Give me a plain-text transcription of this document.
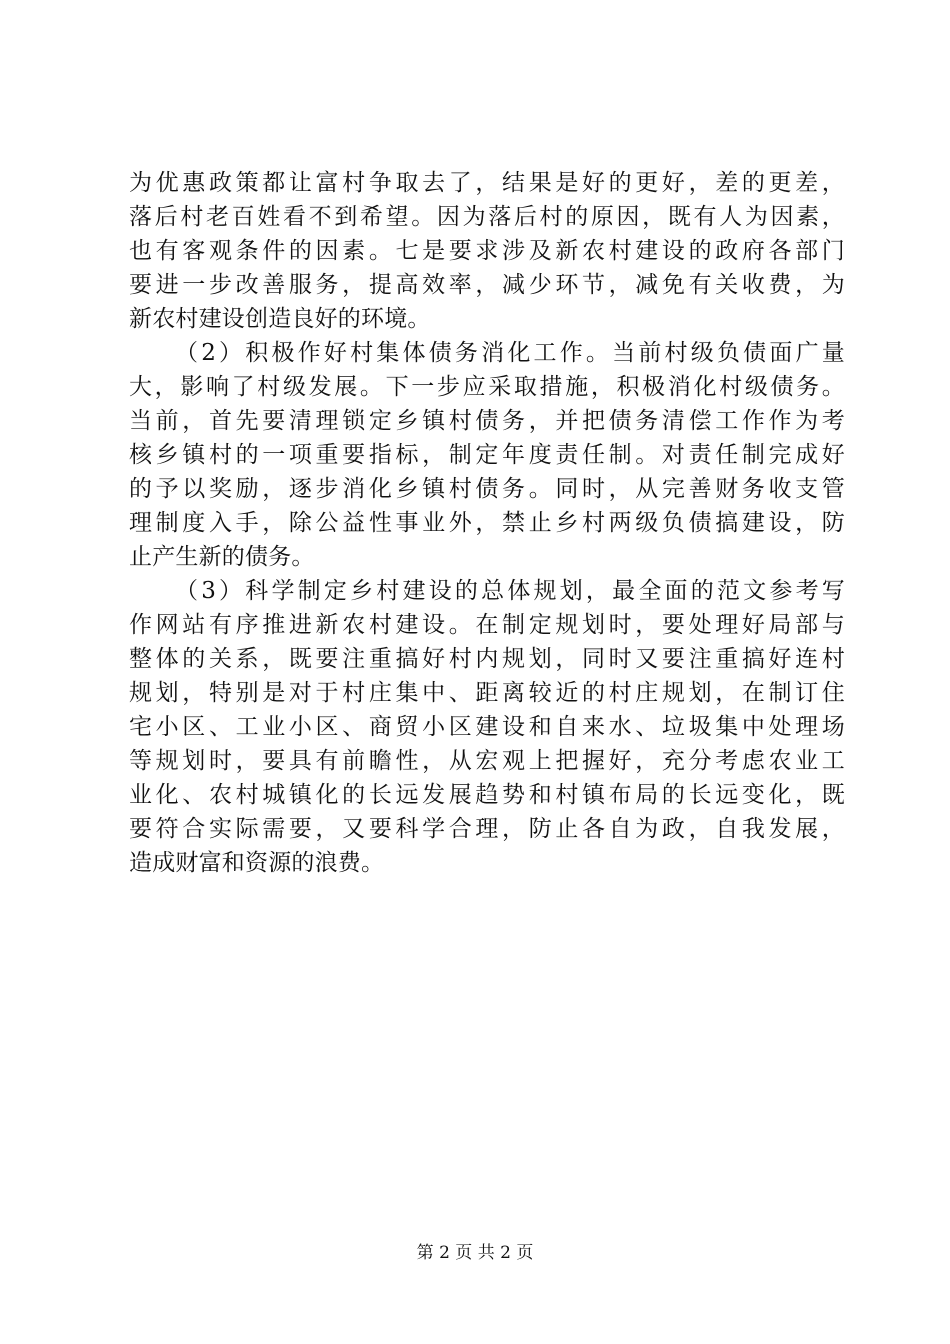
为优惠政策都让富村争取去了，结果是好的更好，差的更差，
落后村老百姓看不到希望。因为落后村的原因，既有人为因素，
也有客观条件的因素。七是要求涉及新农村建设的政府各部门
要进一步改善服务，提高效率，减少环节，减免有关收费，为
新农村建设创造良好的环境。
（2）积极作好村集体债务消化工作。当前村级负债面广量
大，影响了村级发展。下一步应采取措施，积极消化村级债务。
当前，首先要清理锁定乡镇村债务，并把债务清偿工作作为考
核乡镇村的一项重要指标，制定年度责任制。对责任制完成好
的予以奖励，逐步消化乡镇村债务。同时，从完善财务收支管
理制度入手，除公益性事业外，禁止乡村两级负债搞建设，防
止产生新的债务。
（3）科学制定乡村建设的总体规划，最全面的范文参考写
作网站有序推进新农村建设。在制定规划时，要处理好局部与
整体的关系，既要注重搞好村内规划，同时又要注重搞好连村
规划，特别是对于村庄集中、距离较近的村庄规划，在制订住
宅小区、工业小区、商贸小区建设和自来水、垃圾集中处理场
等规划时，要具有前瞻性，从宏观上把握好，充分考虑农业工
业化、农村城镇化的长远发展趋势和村镇布局的长远变化，既
要符合实际需要，又要科学合理，防止各自为政，自我发展，
造成财富和资源的浪费。
第 2 页 共 2 页
